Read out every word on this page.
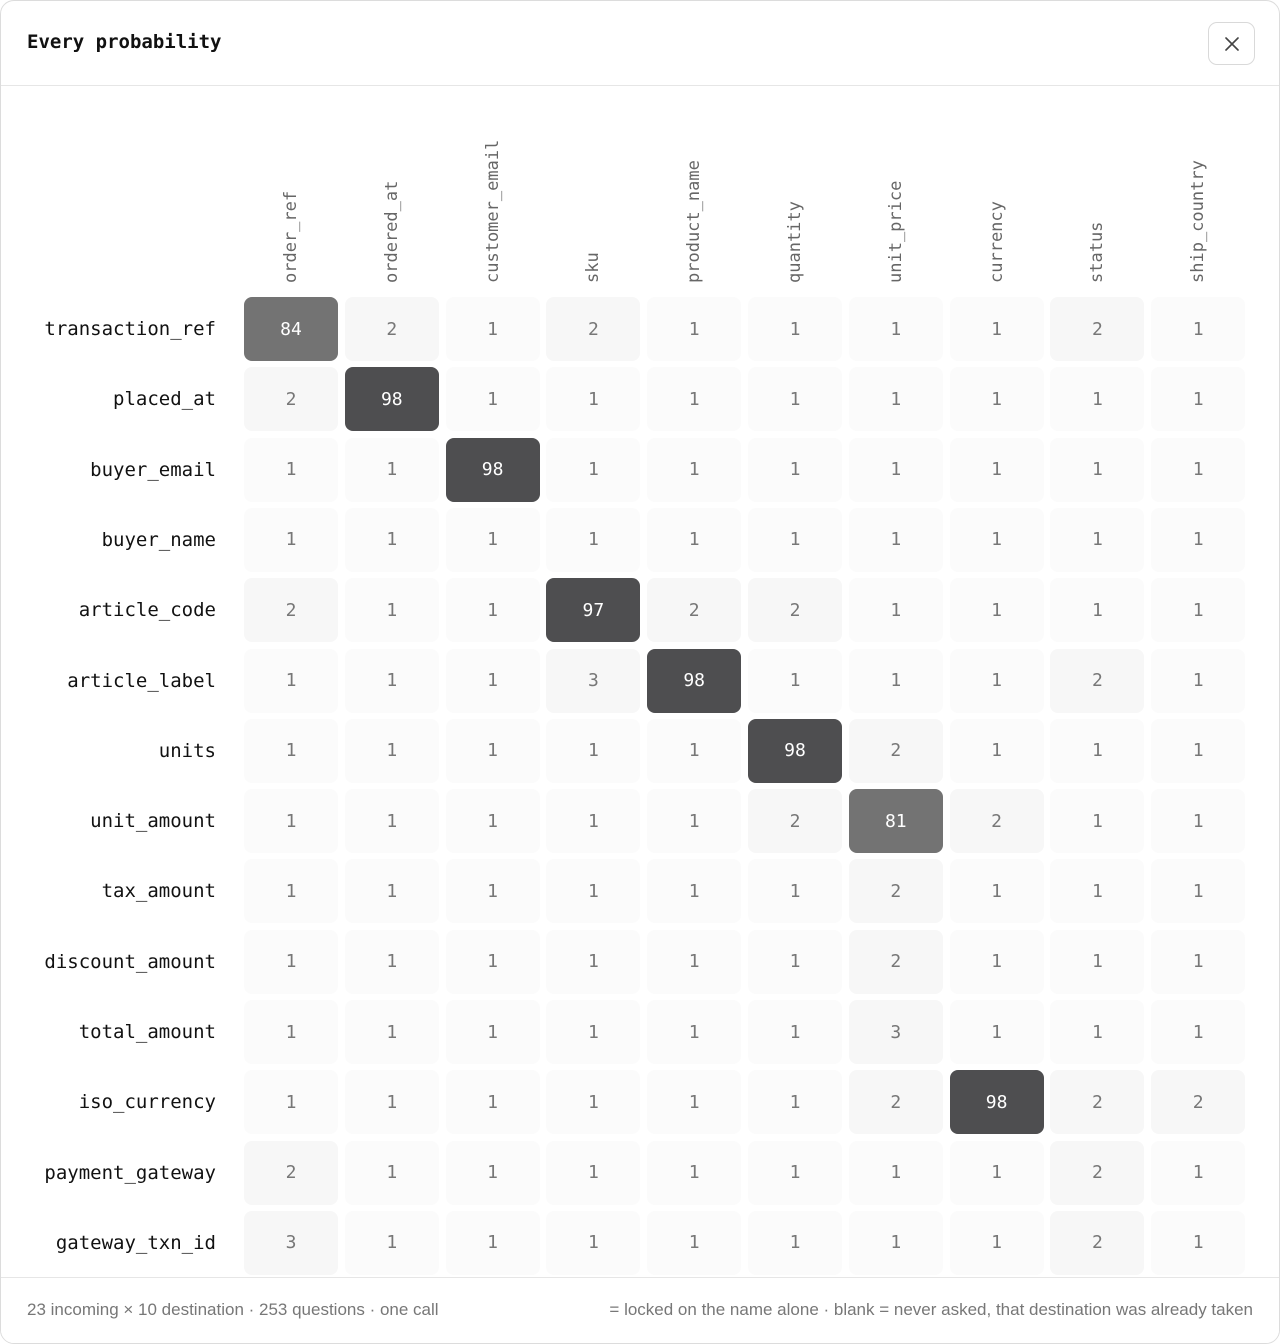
Every probability
order_ref	ordered_at	customer_email	sku	product_name	quantity	unit_price	currency	status	ship_country
transaction_ref	84	2	1	2	1	1	1	1	2	1
placed_at	2	98	1	1	1	1	1	1	1	1
buyer_email	1	1	98	1	1	1	1	1	1	1
buyer_name	1	1	1	1	1	1	1	1	1	1
article_code	2	1	1	97	2	2	1	1	1	1
article_label	1	1	1	3	98	1	1	1	2	1
units	1	1	1	1	1	98	2	1	1	1
unit_amount	1	1	1	1	1	2	81	2	1	1
tax_amount	1	1	1	1	1	1	2	1	1	1
discount_amount	1	1	1	1	1	1	2	1	1	1
total_amount	1	1	1	1	1	1	3	1	1	1
iso_currency	1	1	1	1	1	1	2	98	2	2
payment_gateway	2	1	1	1	1	1	1	1	2	1
gateway_txn_id	3	1	1	1	1	1	1	1	2	1
23 incoming × 10 destination · 253 questions · one call	= locked on the name alone · blank = never asked, that destination was already taken
